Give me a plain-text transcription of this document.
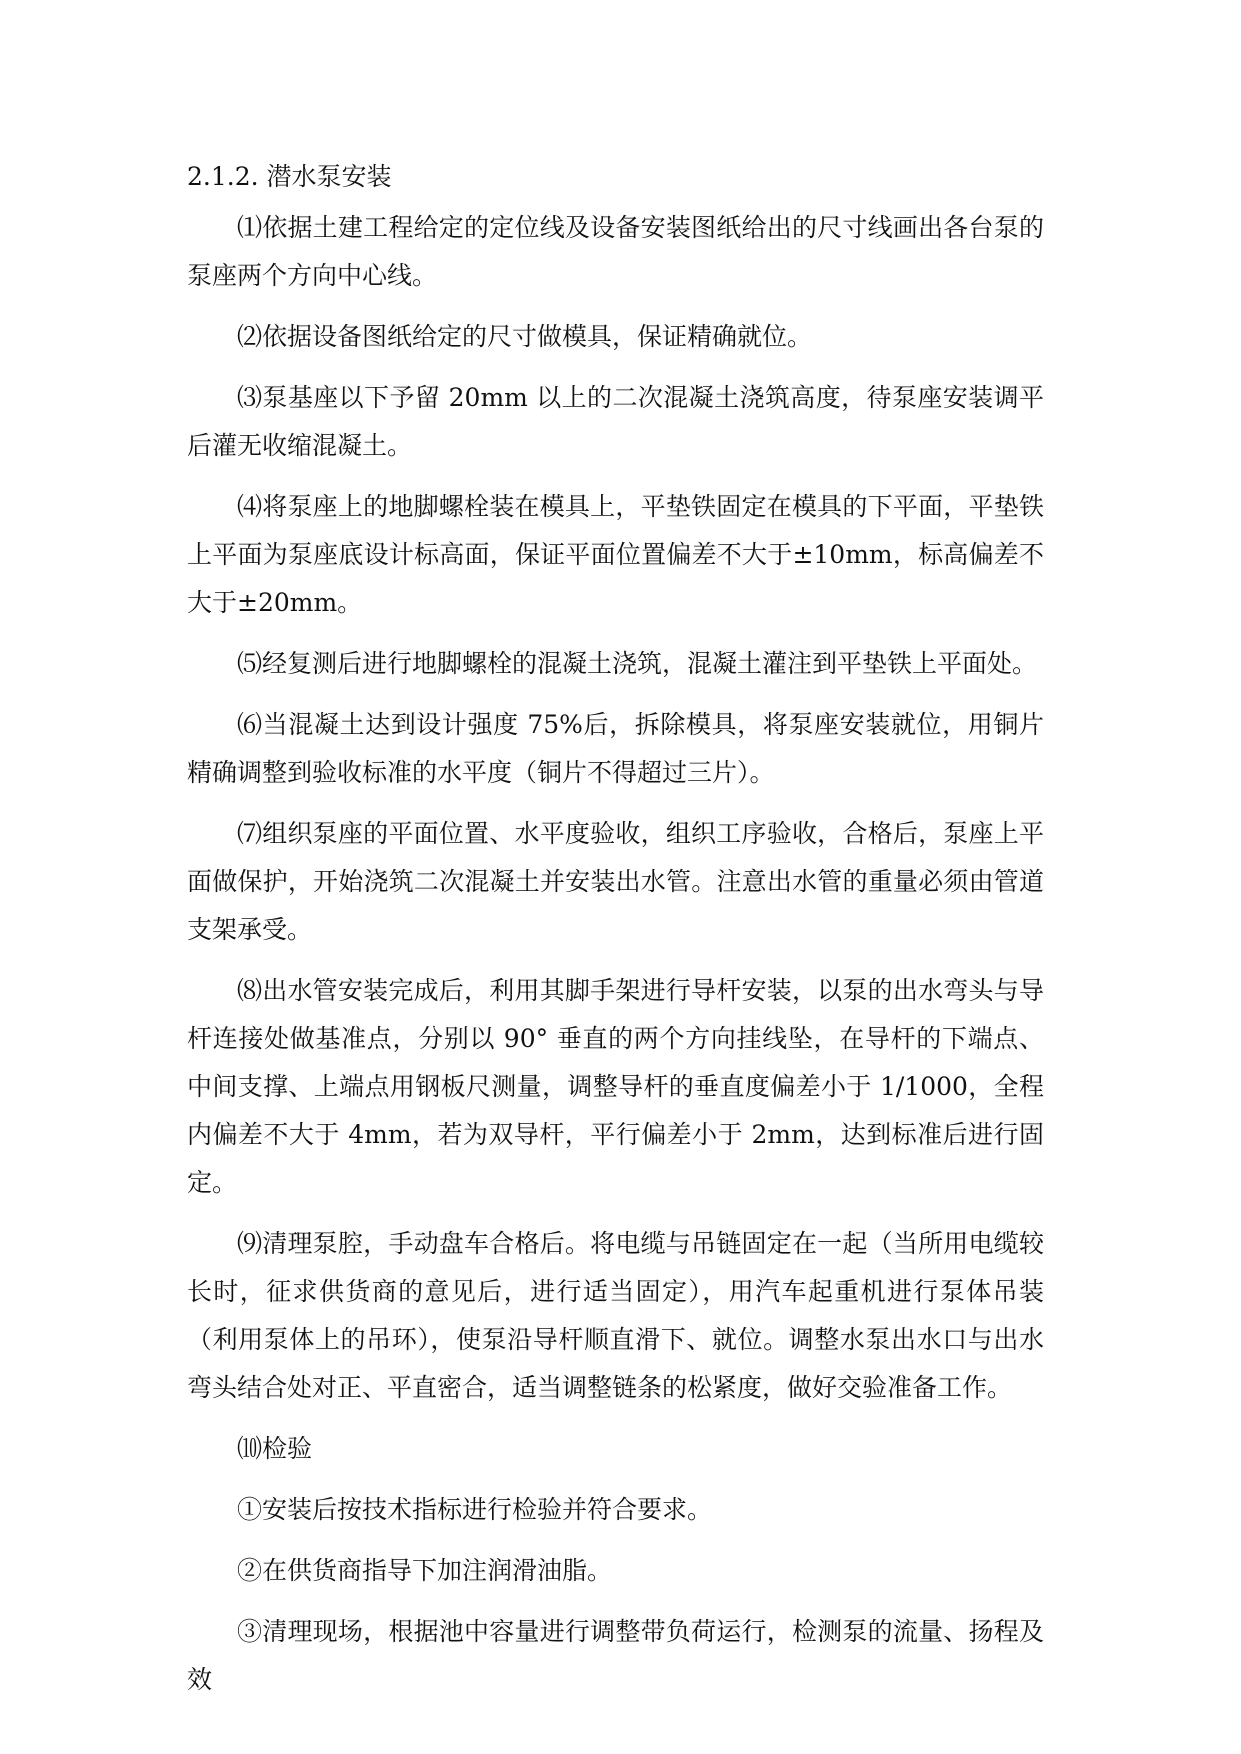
2.1.2. 潜水泵安装

⑴依据土建工程给定的定位线及设备安装图纸给出的尺寸线画出各台泵的泵座两个方向中心线。

⑵依据设备图纸给定的尺寸做模具，保证精确就位。

⑶泵基座以下予留 20mm 以上的二次混凝土浇筑高度，待泵座安装调平后灌无收缩混凝土。

⑷将泵座上的地脚螺栓装在模具上，平垫铁固定在模具的下平面，平垫铁上平面为泵座底设计标高面，保证平面位置偏差不大于±10mm，标高偏差不大于±20mm。

⑸经复测后进行地脚螺栓的混凝土浇筑，混凝土灌注到平垫铁上平面处。

⑹当混凝土达到设计强度 75%后，拆除模具，将泵座安装就位，用铜片精确调整到验收标准的水平度（铜片不得超过三片）。

⑺组织泵座的平面位置、水平度验收，组织工序验收，合格后，泵座上平面做保护，开始浇筑二次混凝土并安装出水管。注意出水管的重量必须由管道支架承受。

⑻出水管安装完成后，利用其脚手架进行导杆安装，以泵的出水弯头与导杆连接处做基准点，分别以 90° 垂直的两个方向挂线坠，在导杆的下端点、中间支撑、上端点用钢板尺测量，调整导杆的垂直度偏差小于 1/1000，全程内偏差不大于 4mm，若为双导杆，平行偏差小于 2mm，达到标准后进行固定。

⑼清理泵腔，手动盘车合格后。将电缆与吊链固定在一起（当所用电缆较长时，征求供货商的意见后，进行适当固定），用汽车起重机进行泵体吊装（利用泵体上的吊环），使泵沿导杆顺直滑下、就位。调整水泵出水口与出水弯头结合处对正、平直密合，适当调整链条的松紧度，做好交验准备工作。

⑽检验

①安装后按技术指标进行检验并符合要求。

②在供货商指导下加注润滑油脂。

③清理现场，根据池中容量进行调整带负荷运行，检测泵的流量、扬程及效
